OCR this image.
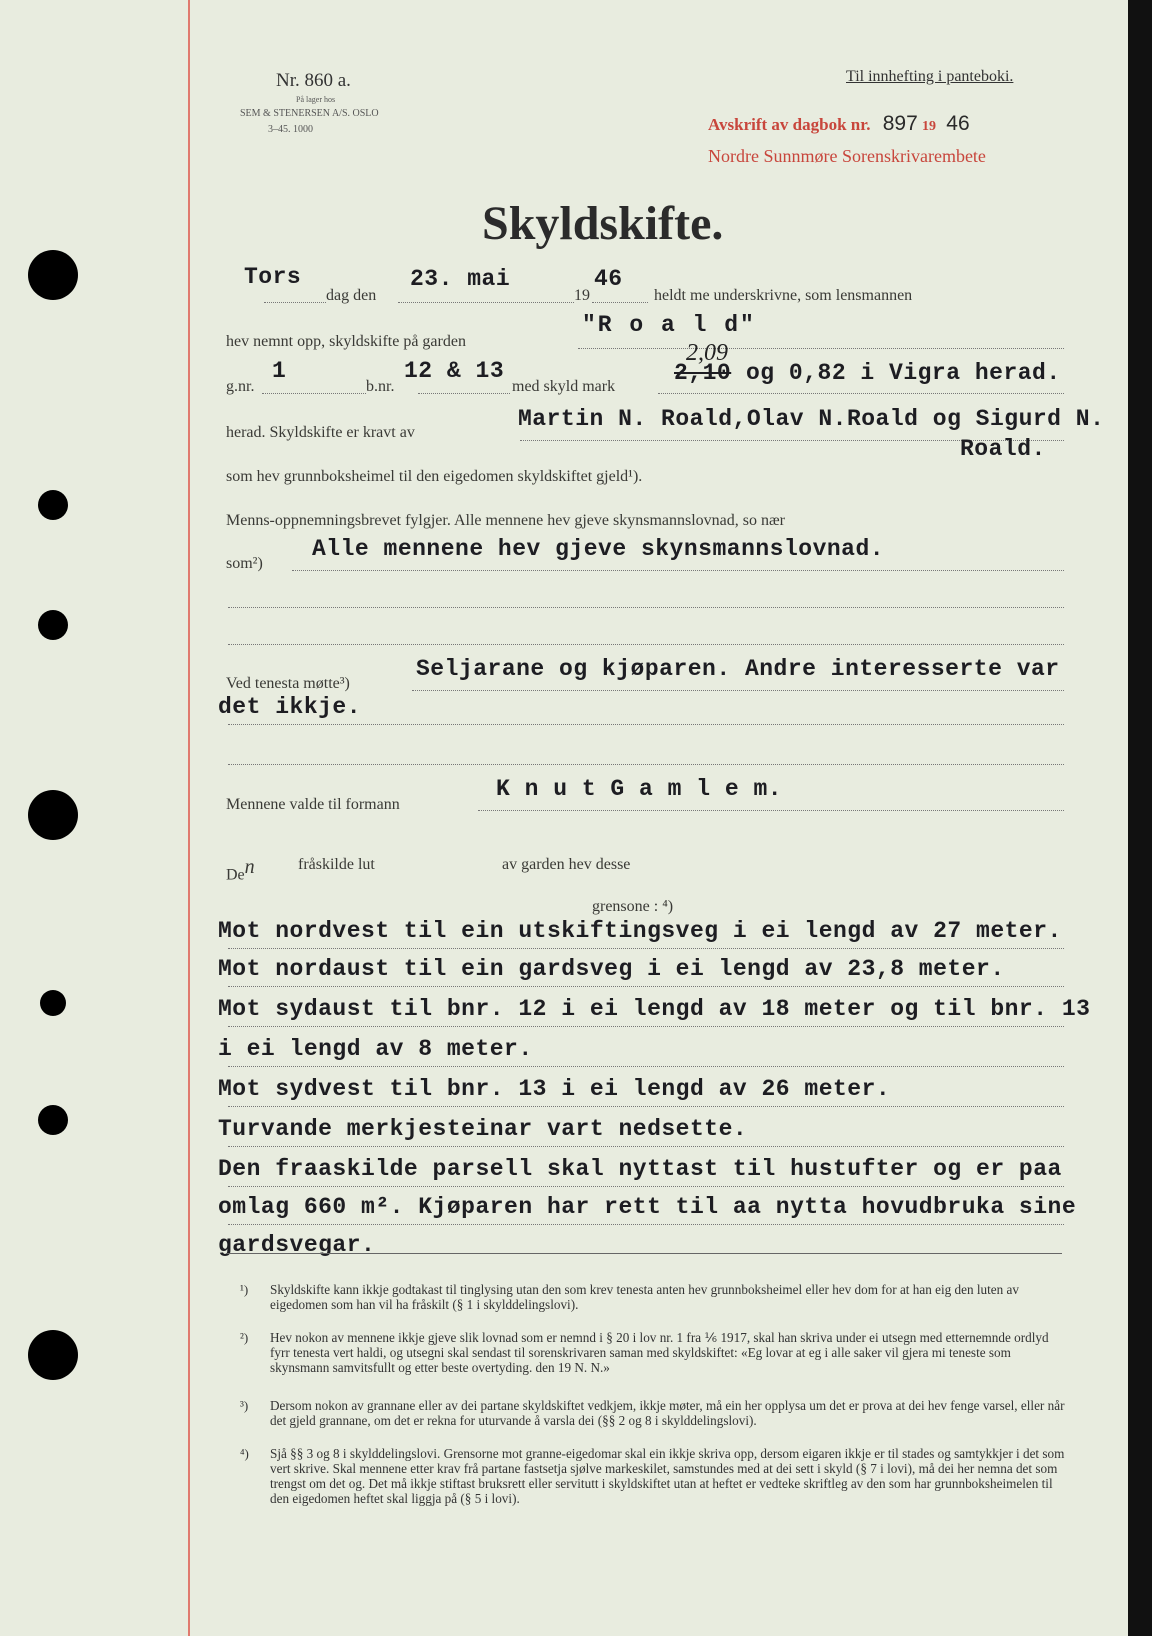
Nr. 860 a.
På lager hos
SEM & STENERSEN A/S. OSLO
3–45. 1000
Til innhefting i panteboki.
Avskrift av dagbok nr. 897 19 46
Nordre Sunnmøre Sorenskrivarembete
Skyldskifte.
Tors
dag den
23. mai
19
46
heldt me underskrivne, som lensmannen
hev nemnt opp, skyldskifte på garden
"R o a l d"
g.nr.
1
b.nr.
12 & 13
med skyld mark
2,09
2,10 og 0,82 i Vigra herad.
herad. Skyldskifte er kravt av
Martin N. Roald,Olav N.Roald og Sigurd N.
Roald.
som hev grunnboksheimel til den eigedomen skyldskiftet gjeld¹).
Menns-oppnemningsbrevet fylgjer. Alle mennene hev gjeve skynsmannslovnad, so nær
som²)
Alle mennene hev gjeve skynsmannslovnad.
Ved tenesta møtte³)
Seljarane og kjøparen. Andre interesserte var
det ikkje.
Mennene valde til formann
K n u t G a m l e m.
De$^n$	fråskilde lut	av garden hev desse
grensone : ⁴)
Mot nordvest til ein utskiftingsveg i ei lengd av 27 meter.
Mot nordaust til ein gardsveg i ei lengd av 23,8 meter.
Mot sydaust til bnr. 12 i ei lengd av 18 meter og til bnr. 13
i ei lengd av 8 meter.
Mot sydvest til bnr. 13 i ei lengd av 26 meter.
Turvande merkjesteinar vart nedsette.
Den fraaskilde parsell skal nyttast til hustufter og er paa
omlag 660 m². Kjøparen har rett til aa nytta hovudbruka sine
gardsvegar.
¹) Skyldskifte kann ikkje godtakast til tinglysing utan den som krev tenesta anten hev grunnboksheimel eller hev dom for at han eig den luten av eigedomen som han vil ha fråskilt (§ 1 i skylddelingslovi).
²) Hev nokon av mennene ikkje gjeve slik lovnad som er nemnd i § 20 i lov nr. 1 fra ⅙ 1917, skal han skriva under ei utsegn med etternemnde ordlyd fyrr tenesta vert haldi, og utsegni skal sendast til sorenskrivaren saman med skyldskiftet: «Eg lovar at eg i alle saker vil gjera mi teneste som skynsmann samvitsfullt og etter beste overtyding. den 19 N. N.»
³) Dersom nokon av grannane eller av dei partane skyldskiftet vedkjem, ikkje møter, må ein her opplysa um det er prova at dei hev fenge varsel, eller når det gjeld grannane, om det er rekna for uturvande å varsla dei (§§ 2 og 8 i skylddelingslovi).
⁴) Sjå §§ 3 og 8 i skylddelingslovi. Grensorne mot granne-eigedomar skal ein ikkje skriva opp, dersom eigaren ikkje er til stades og samtykkjer i det som vert skrive. Skal mennene etter krav frå partane fastsetja sjølve markeskilet, samstundes med at dei sett i skyld (§ 7 i lovi), må dei her nemna det som trengst om det og. Det må ikkje stiftast bruksrett eller servitutt i skyldskiftet utan at heftet er vedteke skriftleg av den som har grunnboksheimelen til den eigedomen heftet skal liggja på (§ 5 i lovi).
